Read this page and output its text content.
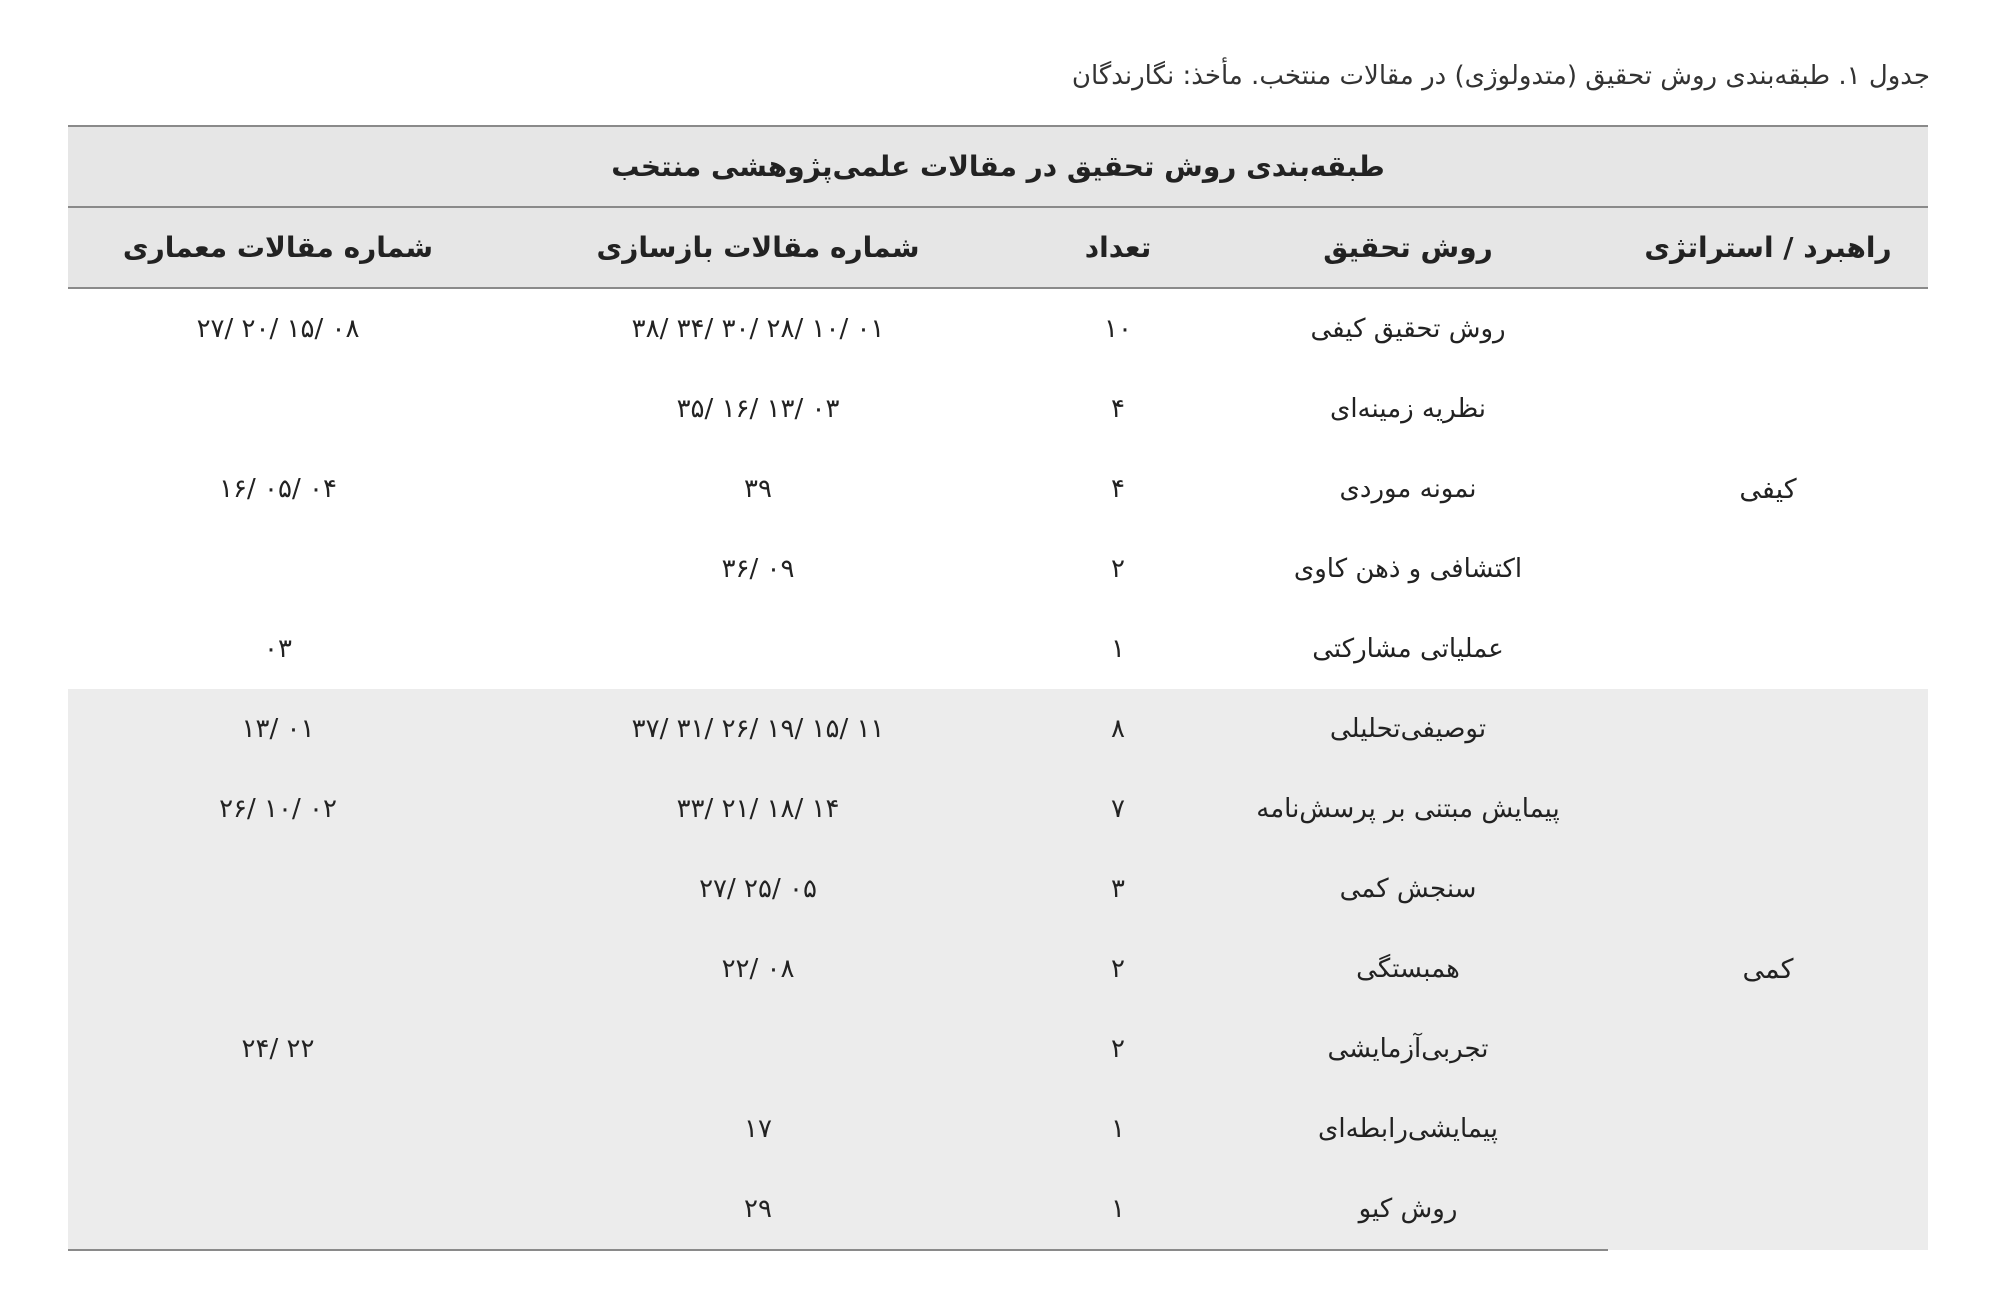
جدول ۱. طبقه‌بندی روش تحقیق (متدولوژی) در مقالات منتخب. مأخذ: نگارندگان
طبقه‌بندی روش تحقیق در مقالات علمی‌پژوهشی منتخب				
راهبرد / استراتژی	روش تحقیق	تعداد	شماره مقالات بازسازی	شماره مقالات معماری
کیفی	روش تحقیق کیفی	۱۰	۰۱ /۱۰ /۲۸ /۳۰ /۳۴ /۳۸	۰۸ /۱۵ /۲۰ /۲۷
	نظریه زمینه‌ای	۴	۰۳ /۱۳ /۱۶ /۳۵	
	نمونه موردی	۴	۳۹	۰۴ /۰۵ /۱۶
	اکتشافی و ذهن کاوی	۲	۰۹ /۳۶	
	عملیاتی مشارکتی	۱		۰۳
کمی	توصیفی‌تحلیلی	۸	۱۱ /۱۵ /۱۹ /۲۶ /۳۱ /۳۷	۰۱ /۱۳
	پیمایش مبتنی بر پرسش‌نامه	۷	۱۴ /۱۸ /۲۱ /۳۳	۰۲ /۱۰ /۲۶
	سنجش کمی	۳	۰۵ /۲۵ /۲۷	
	همبستگی	۲	۰۸ /۲۲	
	تجربی‌آزمایشی	۲		۲۲ /۲۴
	پیمایشی‌رابطه‌ای	۱	۱۷	
	روش کیو	۱	۲۹	
